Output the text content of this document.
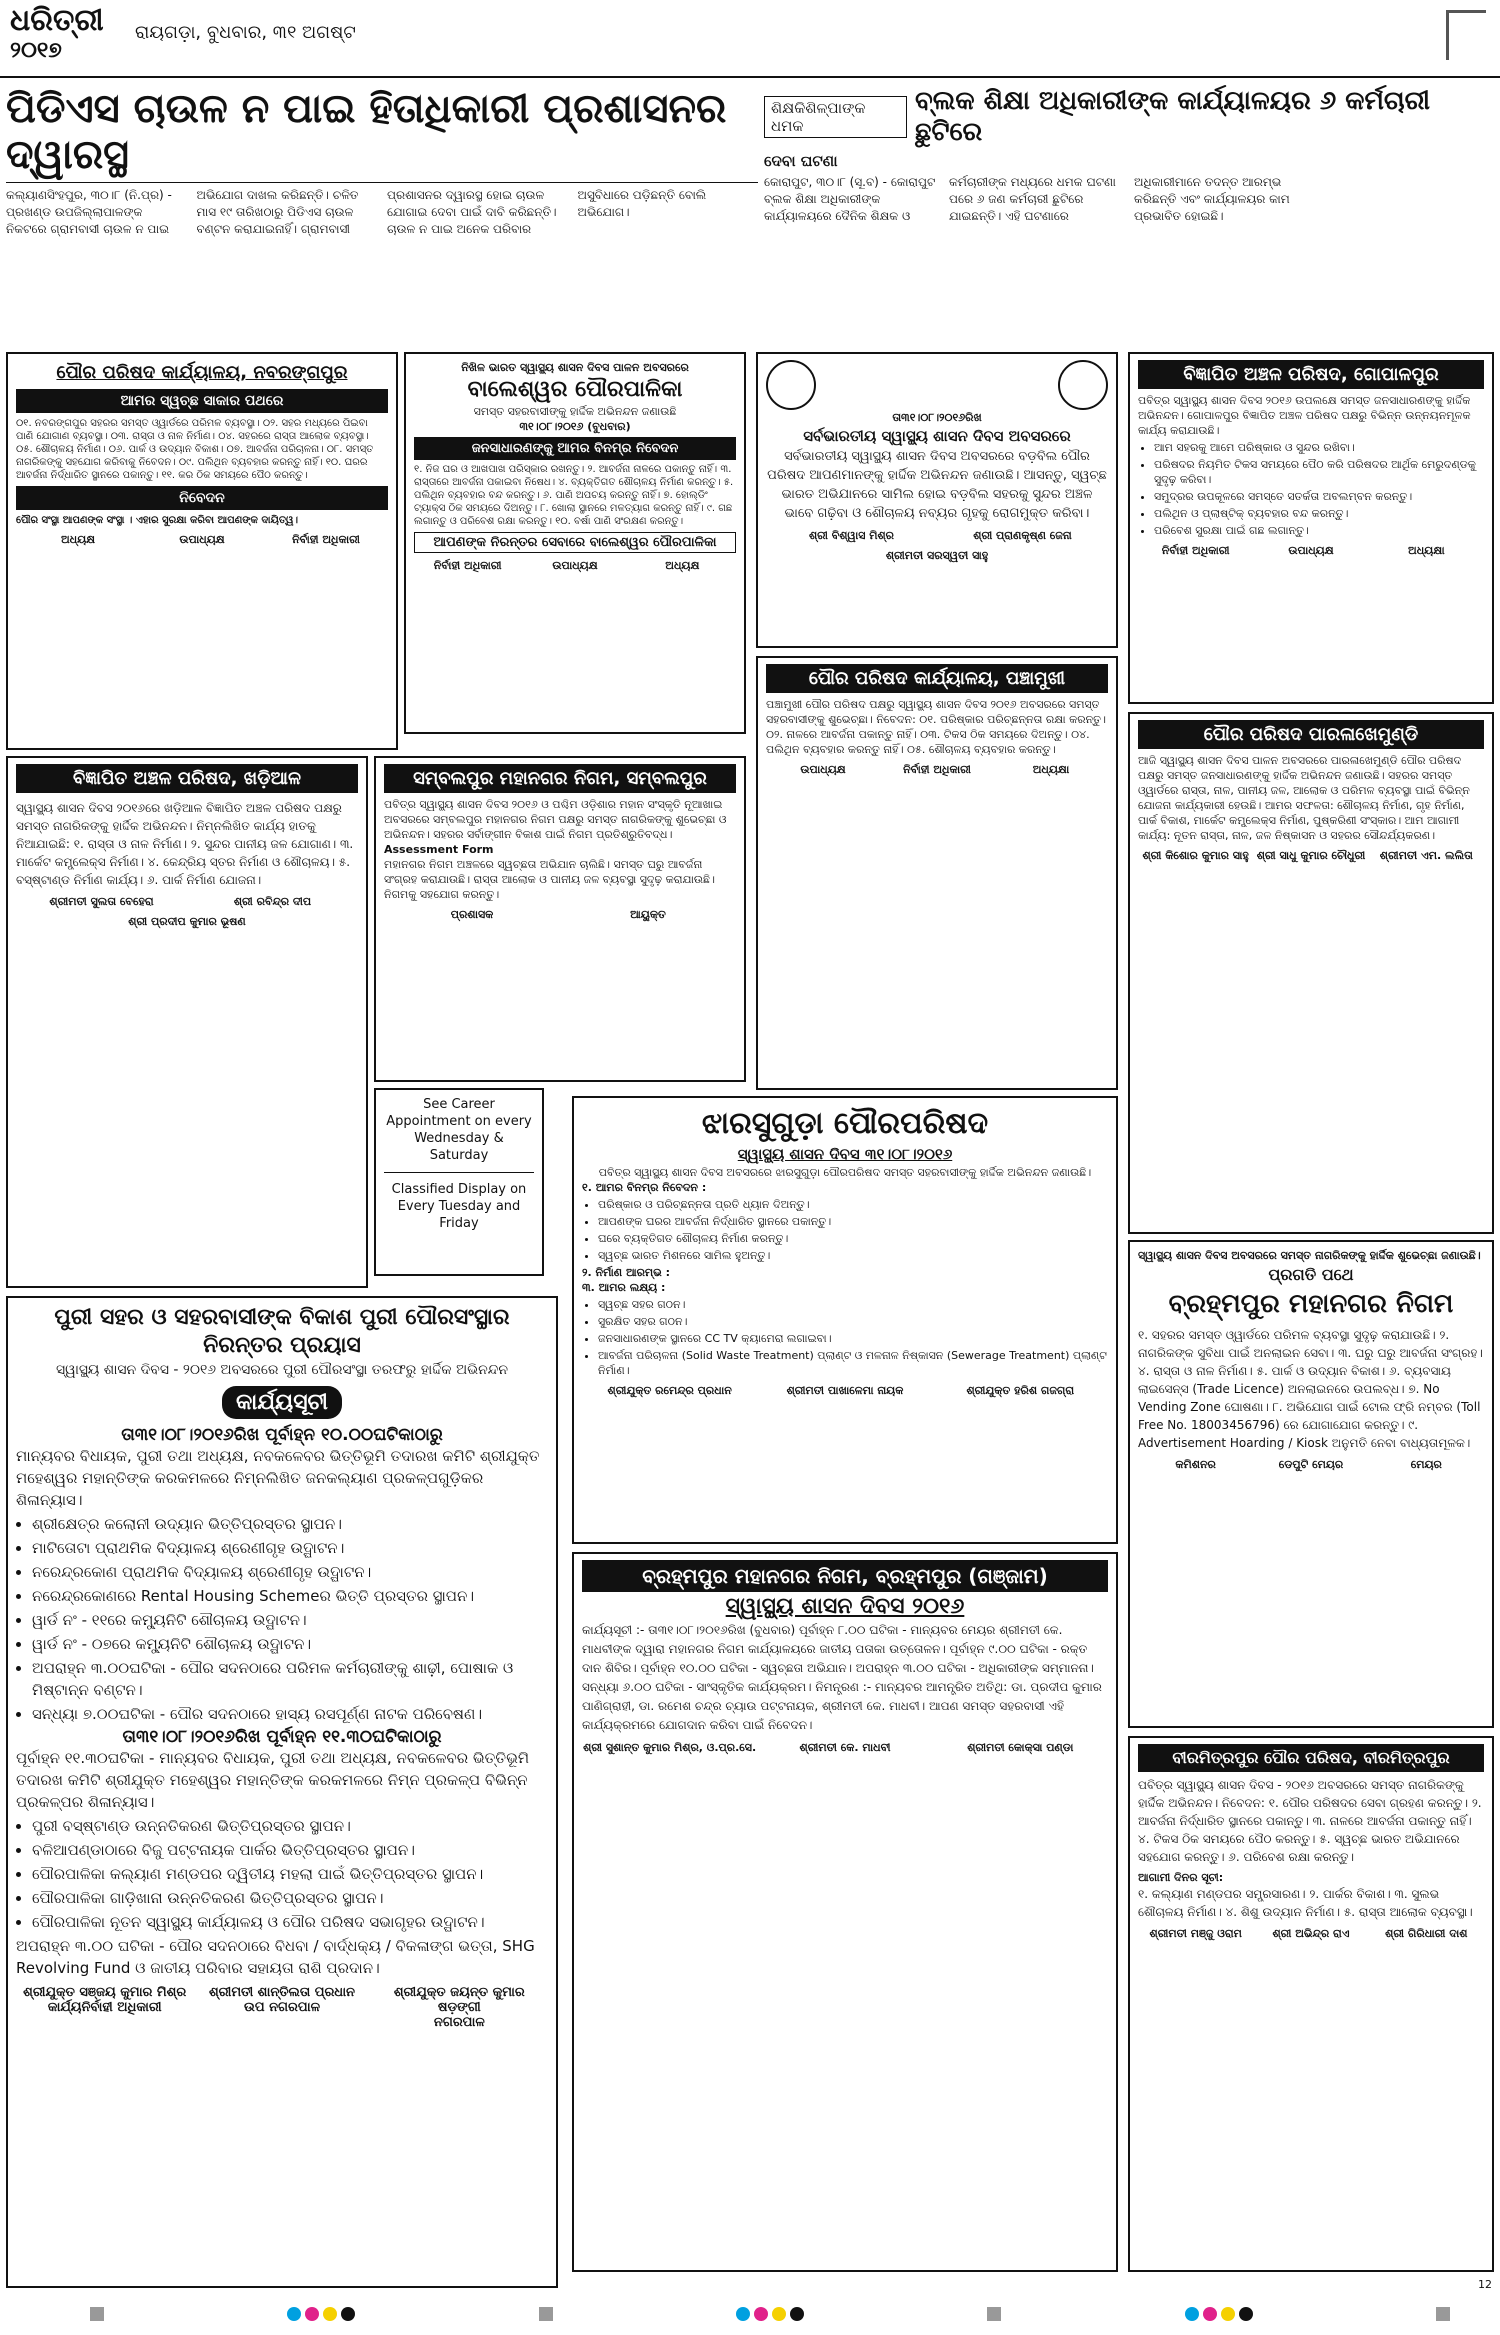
ଧରିତ୍ରୀ
୨୦୧୭
ରାୟଗଡ଼ା, ବୁଧବାର, ୩୧ ଅଗଷ୍ଟ
ପିଡିଏସ ଚାଉଳ ନ ପାଇ ହିତାଧିକାରୀ ପ୍ରଶାସନର ଦ୍ୱାରସ୍ଥ
କଲ୍ୟାଣସିଂହପୁର, ୩୦।୮ (ନି.ପ୍ର) - ପ୍ରଖଣ୍ଡ ଉପଜିଲ୍ଲାପାଳଙ୍କ ନିକଟରେ ଗ୍ରାମବାସୀ ଚାଉଳ ନ ପାଇ ଅଭିଯୋଗ ଦାଖଲ କରିଛନ୍ତି। ଚଳିତ ମାସ ୧୯ ତାରିଖଠାରୁ ପିଡିଏସ ଚାଉଳ ବଣ୍ଟନ କରାଯାଇନାହିଁ। ଗ୍ରାମବାସୀ ପ୍ରଶାସନର ଦ୍ୱାରସ୍ଥ ହୋଇ ଚାଉଳ ଯୋଗାଇ ଦେବା ପାଇଁ ଦାବି କରିଛନ୍ତି। ଚାଉଳ ନ ପାଇ ଅନେକ ପରିବାର ଅସୁବିଧାରେ ପଡ଼ିଛନ୍ତି ବୋଲି ଅଭିଯୋଗ।
ଶିକ୍ଷକିଶିଳ୍ପାଙ୍କ ଧମକ
ବ୍ଲକ ଶିକ୍ଷା ଅଧିକାରୀଙ୍କ କାର୍ଯ୍ୟାଳୟର ୬ କର୍ମଚାରୀ ଛୁଟିରେ
ଦେବା ଘଟଣା
କୋରାପୁଟ, ୩୦।୮ (ସୂ.ବ) - କୋରାପୁଟ ବ୍ଲକ ଶିକ୍ଷା ଅଧିକାରୀଙ୍କ କାର୍ଯ୍ୟାଳୟରେ ଦୈନିକ ଶିକ୍ଷକ ଓ କର୍ମଚାରୀଙ୍କ ମଧ୍ୟରେ ଧମକ ଘଟଣା ପରେ ୬ ଜଣ କର୍ମଚାରୀ ଛୁଟିରେ ଯାଇଛନ୍ତି। ଏହି ଘଟଣାରେ ଅଧିକାରୀମାନେ ତଦନ୍ତ ଆରମ୍ଭ କରିଛନ୍ତି ଏବଂ କାର୍ଯ୍ୟାଳୟର କାମ ପ୍ରଭାବିତ ହୋଇଛି।
ପୌର ପରିଷଦ କାର୍ଯ୍ୟାଳୟ, ନବରଙ୍ଗପୁର
ଆମର ସ୍ୱଚ୍ଛ ସାକାର ପଥରେ
୦୧. ନବରଙ୍ଗପୁର ସହରର ସମସ୍ତ ଓ୍ୱାର୍ଡରେ ପରିମଳ ବ୍ୟବସ୍ଥା। ୦୨. ସହର ମଧ୍ୟରେ ପିଇବା ପାଣି ଯୋଗାଣ ବ୍ୟବସ୍ଥା। ୦୩. ରାସ୍ତା ଓ ନାଳ ନିର୍ମାଣ। ୦୪. ସହରରେ ରାସ୍ତା ଆଲୋକ ବ୍ୟବସ୍ଥା। ୦୫. ଶୌଚାଳୟ ନିର୍ମାଣ। ୦୬. ପାର୍କ ଓ ଉଦ୍ୟାନ ବିକାଶ। ୦୭. ଆବର୍ଜନା ପରିଚାଳନା। ୦୮. ସମସ୍ତ ନାଗରିକଙ୍କୁ ସହଯୋଗ କରିବାକୁ ନିବେଦନ। ୦୯. ପଲିଥିନ ବ୍ୟବହାର କରନ୍ତୁ ନାହିଁ। ୧୦. ଘରର ଆବର୍ଜନା ନିର୍ଦ୍ଧାରିତ ସ୍ଥାନରେ ପକାନ୍ତୁ। ୧୧. କର ଠିକ ସମୟରେ ପୈଠ କରନ୍ତୁ।
ନିବେଦନ
ପୌର ସଂସ୍ଥା ଆପଣଙ୍କ ସଂସ୍ଥା । ଏହାର ସୁରକ୍ଷା କରିବା ଆପଣଙ୍କ ଦାୟିତ୍ୱ।
ଅଧ୍ୟକ୍ଷ	ଉପାଧ୍ୟକ୍ଷ	ନିର୍ବାହୀ ଅଧିକାରୀ
ନିଖିଳ ଭାରତ ସ୍ୱାସ୍ଥ୍ୟ ଶାସନ ଦିବସ ପାଳନ ଅବସରରେ
ବାଲେଶ୍ୱର ପୌରପାଳିକା
ସମସ୍ତ ସହରବାସୀଙ୍କୁ ହାର୍ଦ୍ଦିକ ଅଭିନନ୍ଦନ ଜଣାଉଛି
୩୧।୦୮।୨୦୧୬ (ବୁଧବାର)
ଜନସାଧାରଣଙ୍କୁ ଆମର ବିନମ୍ର ନିବେଦନ
୧. ନିଜ ଘର ଓ ଆଖପାଖ ପରିସ୍କାର ରଖନ୍ତୁ। ୨. ଆବର୍ଜନା ନାଳରେ ପକାନ୍ତୁ ନାହିଁ। ୩. ରାସ୍ତାରେ ଆବର୍ଜନା ପକାଇବା ନିଷେଧ। ୪. ବ୍ୟକ୍ତିଗତ ଶୌଚାଳୟ ନିର୍ମାଣ କରନ୍ତୁ। ୫. ପଲିଥିନ ବ୍ୟବହାର ବନ୍ଦ କରନ୍ତୁ। ୬. ପାଣି ଅପଚୟ କରନ୍ତୁ ନାହିଁ। ୭. ହୋଲ୍ଡିଂ ଟ୍ୟାକ୍ସ ଠିକ ସମୟରେ ଦିଅନ୍ତୁ। ୮. ଖୋଲା ସ୍ଥାନରେ ମଳତ୍ୟାଗ କରନ୍ତୁ ନାହିଁ। ୯. ଗଛ ଲଗାନ୍ତୁ ଓ ପରିବେଶ ରକ୍ଷା କରନ୍ତୁ। ୧୦. ବର୍ଷା ପାଣି ସଂରକ୍ଷଣ କରନ୍ତୁ।
ଆପଣଙ୍କ ନିରନ୍ତର ସେବାରେ ବାଲେଶ୍ୱର ପୌରପାଳିକା
ନିର୍ବାହୀ ଅଧିକାରୀ	ଉପାଧ୍ୟକ୍ଷ	ଅଧ୍ୟକ୍ଷ
ତା୩୧।୦୮।୨୦୧୬ରିଖ
ସର୍ବଭାରତୀୟ ସ୍ୱାସ୍ଥ୍ୟ ଶାସନ ଦିବସ ଅବସରରେ
ସର୍ବଭାରତୀୟ ସ୍ୱାସ୍ଥ୍ୟ ଶାସନ ଦିବସ ଅବସରରେ ବଡ଼ବିଲ ପୌର ପରିଷଦ ଆପଣମାନଙ୍କୁ ହାର୍ଦ୍ଦିକ ଅଭିନନ୍ଦନ ଜଣାଉଛି। ଆସନ୍ତୁ, ସ୍ୱଚ୍ଛ ଭାରତ ଅଭିଯାନରେ ସାମିଲ ହୋଇ ବଡ଼ବିଲ ସହରକୁ ସୁନ୍ଦର ଅଞ୍ଚଳ ଭାବେ ଗଢ଼ିବା ଓ ଶୌଚାଳୟ ନବ୍ୟର ଗୃହକୁ ରୋଗମୁକ୍ତ କରିବା।
ଶ୍ରୀ ବିଶ୍ୱାସ ମିଶ୍ର	ଶ୍ରୀ ପ୍ରାଣକୃଷ୍ଣ ଜେନା
ଶ୍ରୀମତୀ ସରସ୍ୱତୀ ସାହୁ
ବିଜ୍ଞାପିତ ଅଞ୍ଚଳ ପରିଷଦ, ଗୋପାଳପୁର
ପବିତ୍ର ସ୍ୱାସ୍ଥ୍ୟ ଶାସନ ଦିବସ ୨୦୧୬ ଉପଲକ୍ଷେ ସମସ୍ତ ଜନସାଧାରଣଙ୍କୁ ହାର୍ଦ୍ଦିକ ଅଭିନନ୍ଦନ। ଗୋପାଳପୁର ବିଜ୍ଞାପିତ ଅଞ୍ଚଳ ପରିଷଦ ପକ୍ଷରୁ ବିଭିନ୍ନ ଉନ୍ନୟନମୂଳକ କାର୍ଯ୍ୟ କରାଯାଉଛି।
• ଆମ ସହରକୁ ଆମେ ପରିଷ୍କାର ଓ ସୁନ୍ଦର ରଖିବା।
• ପରିଷଦର ନିୟମିତ ଟିକସ ସମୟରେ ପୈଠ କରି ପରିଷଦର ଆର୍ଥିକ ମେରୁଦଣ୍ଡକୁ ସୁଦୃଢ଼ କରିବା।
• ସମୁଦ୍ରର ଉପକୂଳରେ ସମସ୍ତେ ସତର୍କତା ଅବଲମ୍ବନ କରନ୍ତୁ।
• ପଲିଥିନ ଓ ପ୍ଲାଷ୍ଟିକ୍ ବ୍ୟବହାର ବନ୍ଦ କରନ୍ତୁ।
• ପରିବେଶ ସୁରକ୍ଷା ପାଇଁ ଗଛ ଲଗାନ୍ତୁ।
ନିର୍ବାହୀ ଅଧିକାରୀ	ଉପାଧ୍ୟକ୍ଷ	ଅଧ୍ୟକ୍ଷା
ପୌର ପରିଷଦ କାର୍ଯ୍ୟାଳୟ, ପଞ୍ଚାମୁଖୀ
ପଞ୍ଚାମୁଖୀ ପୌର ପରିଷଦ ପକ୍ଷରୁ ସ୍ୱାସ୍ଥ୍ୟ ଶାସନ ଦିବସ ୨୦୧୬ ଅବସରରେ ସମସ୍ତ ସହରବାସୀଙ୍କୁ ଶୁଭେଚ୍ଛା। ନିବେଦନ: ୦୧. ପରିଷ୍କାର ପରିଚ୍ଛନ୍ନତା ରକ୍ଷା କରନ୍ତୁ। ୦୨. ନାଳରେ ଆବର୍ଜନା ପକାନ୍ତୁ ନାହିଁ। ୦୩. ଟିକସ ଠିକ ସମୟରେ ଦିଅନ୍ତୁ। ୦୪. ପଲିଥିନ ବ୍ୟବହାର କରନ୍ତୁ ନାହିଁ। ୦୫. ଶୌଚାଳୟ ବ୍ୟବହାର କରନ୍ତୁ।
ଉପାଧ୍ୟକ୍ଷ	ନିର୍ବାହୀ ଅଧିକାରୀ	ଅଧ୍ୟକ୍ଷା
ପୌର ପରିଷଦ ପାରଳାଖେମୁଣ୍ଡି
ଆଜି ସ୍ୱାସ୍ଥ୍ୟ ଶାସନ ଦିବସ ପାଳନ ଅବସରରେ ପାରଳାଖେମୁଣ୍ଡି ପୌର ପରିଷଦ ପକ୍ଷରୁ ସମସ୍ତ ଜନସାଧାରଣଙ୍କୁ ହାର୍ଦ୍ଦିକ ଅଭିନନ୍ଦନ ଜଣାଉଛି। ସହରର ସମସ୍ତ ଓ୍ୱାର୍ଡରେ ରାସ୍ତା, ନାଳ, ପାନୀୟ ଜଳ, ଆଲୋକ ଓ ପରିମଳ ବ୍ୟବସ୍ଥା ପାଇଁ ବିଭିନ୍ନ ଯୋଜନା କାର୍ଯ୍ୟକାରୀ ହେଉଛି। ଆମର ସଫଳତା: ଶୌଚାଳୟ ନିର୍ମାଣ, ଗୃହ ନିର୍ମାଣ, ପାର୍କ ବିକାଶ, ମାର୍କେଟ କମ୍ପ୍ଲେକ୍ସ ନିର୍ମାଣ, ପୁଷ୍କରିଣୀ ସଂସ୍କାର। ଆମ ଆଗାମୀ କାର୍ଯ୍ୟ: ନୂତନ ରାସ୍ତା, ନାଳ, ଜଳ ନିଷ୍କାସନ ଓ ସହରର ସୌନ୍ଦର୍ଯ୍ୟକରଣ।
ଶ୍ରୀ କିଶୋର କୁମାର ସାହୁ ଶ୍ରୀ ସାଧୁ କୁମାର ଚୌଧୁରୀ	ଶ୍ରୀମତୀ ଏମ. ଲଲିତା
ବିଜ୍ଞାପିତ ଅଞ୍ଚଳ ପରିଷଦ, ଖଡ଼ିଆଳ
ସ୍ୱାସ୍ଥ୍ୟ ଶାସନ ଦିବସ ୨୦୧୬ରେ ଖଡ଼ିଆଳ ବିଜ୍ଞାପିତ ଅଞ୍ଚଳ ପରିଷଦ ପକ୍ଷରୁ ସମସ୍ତ ନାଗରିକଙ୍କୁ ହାର୍ଦ୍ଦିକ ଅଭିନନ୍ଦନ। ନିମ୍ନଲିଖିତ କାର୍ଯ୍ୟ ହାତକୁ ନିଆଯାଇଛି: ୧. ରାସ୍ତା ଓ ନାଳ ନିର୍ମାଣ। ୨. ସୁନ୍ଦର ପାନୀୟ ଜଳ ଯୋଗାଣ। ୩. ମାର୍କେଟ କମ୍ପ୍ଲେକ୍ସ ନିର୍ମାଣ। ୪. କେନ୍ଦ୍ରିୟ ସ୍ତର ନିର୍ମାଣ ଓ ଶୌଚାଳୟ। ୫. ବସ୍ଷ୍ଟାଣ୍ଡ ନିର୍ମାଣ କାର୍ଯ୍ୟ। ୬. ପାର୍କ ନିର୍ମାଣ ଯୋଜନା।
ଶ୍ରୀମତୀ ସୁଲତା ବେହେରା	ଶ୍ରୀ ରବିନ୍ଦ୍ର ଦୀପ
ଶ୍ରୀ ପ୍ରଦୀପ କୁମାର ଭୂଷଣ
ସମ୍ବଲପୁର ମହାନଗର ନିଗମ, ସମ୍ବଲପୁର
ପବିତ୍ର ସ୍ୱାସ୍ଥ୍ୟ ଶାସନ ଦିବସ ୨୦୧୬ ଓ ପଶ୍ଚିମ ଓଡ଼ିଶାର ମହାନ ସଂସ୍କୃତି ନୂଆଖାଇ ଅବସରରେ ସମ୍ବଲପୁର ମହାନଗର ନିଗମ ପକ୍ଷରୁ ସମସ୍ତ ନାଗରିକଙ୍କୁ ଶୁଭେଚ୍ଛା ଓ ଅଭିନନ୍ଦନ। ସହରର ସର୍ବାଙ୍ଗୀନ ବିକାଶ ପାଇଁ ନିଗମ ପ୍ରତିଶ୍ରୁତିବଦ୍ଧ।
Assessment Form
ମହାନଗର ନିଗମ ଅଞ୍ଚଳରେ ସ୍ୱଚ୍ଛତା ଅଭିଯାନ ଚାଲିଛି। ସମସ୍ତ ଘରୁ ଆବର୍ଜନା ସଂଗ୍ରହ କରାଯାଉଛି। ରାସ୍ତା ଆଲୋକ ଓ ପାନୀୟ ଜଳ ବ୍ୟବସ୍ଥା ସୁଦୃଢ଼ କରାଯାଉଛି। ନିଗମକୁ ସହଯୋଗ କରନ୍ତୁ।
ପ୍ରଶାସକ	ଆୟୁକ୍ତ
See Career Appointment on every Wednesday & Saturday
Classified Display on Every Tuesday and Friday
ଝାରସୁଗୁଡ଼ା ପୌରପରିଷଦ
ସ୍ୱାସ୍ଥ୍ୟ ଶାସନ ଦିବସ ୩୧।୦୮।୨୦୧୬
ପବିତ୍ର ସ୍ୱାସ୍ଥ୍ୟ ଶାସନ ଦିବସ ଅବସରରେ ଝାରସୁଗୁଡ଼ା ପୌରପରିଷଦ ସମସ୍ତ ସହରବାସୀଙ୍କୁ ହାର୍ଦ୍ଦିକ ଅଭିନନ୍ଦନ ଜଣାଉଛି।
୧. ଆମର ବିନମ୍ର ନିବେଦନ :
• ପରିଷ୍କାର ଓ ପରିଚ୍ଛନ୍ନତା ପ୍ରତି ଧ୍ୟାନ ଦିଅନ୍ତୁ।
• ଆପଣଙ୍କ ଘରର ଆବର୍ଜନା ନିର୍ଦ୍ଧାରିତ ସ୍ଥାନରେ ପକାନ୍ତୁ।
• ଘରେ ବ୍ୟକ୍ତିଗତ ଶୌଚାଳୟ ନିର୍ମାଣ କରନ୍ତୁ।
• ସ୍ୱଚ୍ଛ ଭାରତ ମିଶନରେ ସାମିଲ ହୁଅନ୍ତୁ।
୨. ନିର୍ମାଣ ଆରମ୍ଭ :
୩. ଆମର ଲକ୍ଷ୍ୟ :
• ସ୍ୱଚ୍ଛ ସହର ଗଠନ।
• ସୁରକ୍ଷିତ ସହର ଗଠନ।
• ଜନସାଧାରଣଙ୍କ ସ୍ଥାନରେ CC TV କ୍ୟାମେରା ଲଗାଇବା।
• ଆବର୍ଜନା ପରିଚାଳନା (Solid Waste Treatment) ପ୍ଲାଣ୍ଟ ଓ ମଳନାଳ ନିଷ୍କାସନ (Sewerage Treatment) ପ୍ଲାଣ୍ଟ ନିର୍ମାଣ।
ଶ୍ରୀଯୁକ୍ତ ରମେନ୍ଦ୍ର ପ୍ରଧାନ	ଶ୍ରୀମତୀ ପାଖାଳେମା ନାୟକ	ଶ୍ରୀଯୁକ୍ତ ହରିଶ ଗଜଗ୍ରା
ସ୍ୱାସ୍ଥ୍ୟ ଶାସନ ଦିବସ ଅବସରରେ ସମସ୍ତ ନାଗରିକଙ୍କୁ ହାର୍ଦ୍ଦିକ ଶୁଭେଚ୍ଛା ଜଣାଉଛି।
ପ୍ରଗତି ପଥେ
ବ୍ରହ୍ମପୁର ମହାନଗର ନିଗମ
୧. ସହରର ସମସ୍ତ ଓ୍ୱାର୍ଡରେ ପରିମଳ ବ୍ୟବସ୍ଥା ସୁଦୃଢ଼ କରାଯାଉଛି। ୨. ନାଗରିକଙ୍କ ସୁବିଧା ପାଇଁ ଅନଲାଇନ ସେବା। ୩. ଘରୁ ଘରୁ ଆବର୍ଜନା ସଂଗ୍ରହ। ୪. ରାସ୍ତା ଓ ନାଳ ନିର୍ମାଣ। ୫. ପାର୍କ ଓ ଉଦ୍ୟାନ ବିକାଶ। ୬. ବ୍ୟବସାୟ ଲାଇସେନ୍ସ (Trade Licence) ଅନଲାଇନରେ ଉପଲବ୍ଧ। ୭. No Vending Zone ଘୋଷଣା। ୮. ଅଭିଯୋଗ ପାଇଁ ଟୋଲ ଫ୍ରି ନମ୍ବର (Toll Free No. 18003456796) ରେ ଯୋଗାଯୋଗ କରନ୍ତୁ। ୯. Advertisement Hoarding / Kiosk ଅନୁମତି ନେବା ବାଧ୍ୟତାମୂଳକ।
କମିଶନର	ଡେପୁଟି ମେୟର	ମେୟର
ପୁରୀ ସହର ଓ ସହରବାସୀଙ୍କ ବିକାଶ ପୁରୀ ପୌରସଂସ୍ଥାର ନିରନ୍ତର ପ୍ରୟାସ
ସ୍ୱାସ୍ଥ୍ୟ ଶାସନ ଦିବସ - ୨୦୧୬ ଅବସରରେ ପୁରୀ ପୌରସଂସ୍ଥା ତରଫରୁ ହାର୍ଦ୍ଦିକ ଅଭିନନ୍ଦନ
କାର୍ଯ୍ୟସୂଚୀ
ତା୩୧।୦୮।୨୦୧୬ରିଖ ପୂର୍ବାହ୍ନ ୧୦.୦୦ଘଟିକାଠାରୁ
ମାନ୍ୟବର ବିଧାୟକ, ପୁରୀ ତଥା ଅଧ୍ୟକ୍ଷ, ନବକଳେବର ଭିତ୍ତିଭୂମି ତଦାରଖ କମିଟି ଶ୍ରୀଯୁକ୍ତ ମହେଶ୍ୱର ମହାନ୍ତିଙ୍କ କରକମଳରେ ନିମ୍ନଲିଖିତ ଜନକଲ୍ୟାଣ ପ୍ରକଳ୍ପଗୁଡ଼ିକର ଶିଳାନ୍ୟାସ।
• ଶ୍ରୀକ୍ଷେତ୍ର କଲୋନୀ ଉଦ୍ୟାନ ଭିତ୍ତିପ୍ରସ୍ତର ସ୍ଥାପନ।
• ମାଟିତୋଟା ପ୍ରାଥମିକ ବିଦ୍ୟାଳୟ ଶ୍ରେଣୀଗୃହ ଉଦ୍ଘାଟନ।
• ନରେନ୍ଦ୍ରକୋଣ ପ୍ରାଥମିକ ବିଦ୍ୟାଳୟ ଶ୍ରେଣୀଗୃହ ଉଦ୍ଘାଟନ।
• ନରେନ୍ଦ୍ରକୋଣରେ Rental Housing Schemeର ଭିତ୍ତି ପ୍ରସ୍ତର ସ୍ଥାପନ।
• ୱାର୍ଡ ନଂ - ୧୧ରେ କମ୍ୟୁନିଟି ଶୌଚାଳୟ ଉଦ୍ଘାଟନ।
• ୱାର୍ଡ ନଂ - ୦୭ରେ କମ୍ୟୁନିଟି ଶୌଚାଳୟ ଉଦ୍ଘାଟନ।
• ଅପରାହ୍ନ ୩.୦୦ଘଟିକା - ପୌର ସଦନଠାରେ ପରିମଳ କର୍ମଚାରୀଙ୍କୁ ଶାଢ଼ୀ, ପୋଷାକ ଓ ମିଷ୍ଟାନ୍ନ ବଣ୍ଟନ।
• ସନ୍ଧ୍ୟା ୭.୦୦ଘଟିକା - ପୌର ସଦନଠାରେ ହାସ୍ୟ ରସପୂର୍ଣ୍ଣ ନାଟକ ପରିବେଷଣ।
ତା୩୧।୦୮।୨୦୧୬ରିଖ ପୂର୍ବାହ୍ନ ୧୧.୩୦ଘଟିକାଠାରୁ
ପୂର୍ବାହ୍ନ ୧୧.୩୦ଘଟିକା - ମାନ୍ୟବର ବିଧାୟକ, ପୁରୀ ତଥା ଅଧ୍ୟକ୍ଷ, ନବକଳେବର ଭିତ୍ତିଭୂମି ତଦାରଖ କମିଟି ଶ୍ରୀଯୁକ୍ତ ମହେଶ୍ୱର ମହାନ୍ତିଙ୍କ କରକମଳରେ ନିମ୍ନ ପ୍ରକଳ୍ପ ବିଭିନ୍ନ ପ୍ରକଳ୍ପର ଶିଳାନ୍ୟାସ।
• ପୁରୀ ବସ୍ଷ୍ଟାଣ୍ଡ ଉନ୍ନତିକରଣ ଭିତ୍ତିପ୍ରସ୍ତର ସ୍ଥାପନ।
• ବଳିଆପଣ୍ଡାଠାରେ ବିଜୁ ପଟ୍ଟନାୟକ ପାର୍କର ଭିତ୍ତିପ୍ରସ୍ତର ସ୍ଥାପନ।
• ପୌରପାଳିକା କଲ୍ୟାଣ ମଣ୍ଡପର ଦ୍ୱିତୀୟ ମହଲା ପାଇଁ ଭିତ୍ତିପ୍ରସ୍ତର ସ୍ଥାପନ।
• ପୌରପାଳିକା ଗାଡ଼ିଖାନା ଉନ୍ନତିକରଣ ଭିତ୍ତିପ୍ରସ୍ତର ସ୍ଥାପନ।
• ପୌରପାଳିକା ନୂତନ ସ୍ୱାସ୍ଥ୍ୟ କାର୍ଯ୍ୟାଳୟ ଓ ପୌର ପରିଷଦ ସଭାଗୃହର ଉଦ୍ଘାଟନ।
ଅପରାହ୍ନ ୩.୦୦ ଘଟିକା - ପୌର ସଦନଠାରେ ବିଧବା / ବାର୍ଦ୍ଧକ୍ୟ / ବିକଳାଙ୍ଗ ଭତ୍ତା, SHG Revolving Fund ଓ ଜାତୀୟ ପରିବାର ସହାୟତା ରାଶି ପ୍ରଦାନ।
ଶ୍ରୀଯୁକ୍ତ ସଞ୍ଜୟ କୁମାର ମିଶ୍ର
କାର୍ଯ୍ୟନିର୍ବାହୀ ଅଧିକାରୀ
ଶ୍ରୀମତୀ ଶାନ୍ତିଲତା ପ୍ରଧାନ
ଉପ ନଗରପାଳ
ଶ୍ରୀଯୁକ୍ତ ଜୟନ୍ତ କୁମାର ଷଡ଼ଙ୍ଗୀ
ନଗରପାଳ
ବ୍ରହ୍ମପୁର ମହାନଗର ନିଗମ, ବ୍ରହ୍ମପୁର (ଗଞ୍ଜାମ)
ସ୍ୱାସ୍ଥ୍ୟ ଶାସନ ଦିବସ ୨୦୧୬
କାର୍ଯ୍ୟସୂଚୀ :- ତା୩୧।୦୮।୨୦୧୬ରିଖ (ବୁଧବାର) ପୂର୍ବାହ୍ନ ୮.୦୦ ଘଟିକା - ମାନ୍ୟବର ମେୟର ଶ୍ରୀମତୀ କେ. ମାଧବୀଙ୍କ ଦ୍ୱାରା ମହାନଗର ନିଗମ କାର୍ଯ୍ୟାଳୟରେ ଜାତୀୟ ପତାକା ଉତ୍ତୋଳନ। ପୂର୍ବାହ୍ନ ୯.୦୦ ଘଟିକା - ରକ୍ତ ଦାନ ଶିବିର। ପୂର୍ବାହ୍ନ ୧୦.୦୦ ଘଟିକା - ସ୍ୱଚ୍ଛତା ଅଭିଯାନ। ଅପରାହ୍ନ ୩.୦୦ ଘଟିକା - ଅଧିକାରୀଙ୍କ ସମ୍ମାନନା। ସନ୍ଧ୍ୟା ୬.୦୦ ଘଟିକା - ସାଂସ୍କୃତିକ କାର୍ଯ୍ୟକ୍ରମ। ନିମନ୍ତ୍ରଣ :- ମାନ୍ୟବର ଆମନ୍ତ୍ରିତ ଅତିଥି: ଡା. ପ୍ରଦୀପ କୁମାର ପାଣିଗ୍ରାହୀ, ଡା. ରମେଶ ଚନ୍ଦ୍ର ଚ୍ୟାଉ ପଟ୍ଟନାୟକ, ଶ୍ରୀମତୀ କେ. ମାଧବୀ। ଆପଣ ସମସ୍ତ ସହରବାସୀ ଏହି କାର୍ଯ୍ୟକ୍ରମରେ ଯୋଗଦାନ କରିବା ପାଇଁ ନିବେଦନ।
ଶ୍ରୀ ସୁଶାନ୍ତ କୁମାର ମିଶ୍ର, ଓ.ପ୍ର.ସେ.	ଶ୍ରୀମତୀ କେ. ମାଧବୀ	ଶ୍ରୀମତୀ କୋକ୍ସା ପଣ୍ଡା
ବୀରମିତ୍ରପୁର ପୌର ପରିଷଦ, ବୀରମିତ୍ରପୁର
ପବିତ୍ର ସ୍ୱାସ୍ଥ୍ୟ ଶାସନ ଦିବସ - ୨୦୧୬ ଅବସରରେ ସମସ୍ତ ନାଗରିକଙ୍କୁ ହାର୍ଦ୍ଦିକ ଅଭିନନ୍ଦନ। ନିବେଦନ: ୧. ପୌର ପରିଷଦର ସେବା ଗ୍ରହଣ କରନ୍ତୁ। ୨. ଆବର୍ଜନା ନିର୍ଦ୍ଧାରିତ ସ୍ଥାନରେ ପକାନ୍ତୁ। ୩. ନାଳରେ ଆବର୍ଜନା ପକାନ୍ତୁ ନାହିଁ। ୪. ଟିକସ ଠିକ ସମୟରେ ପୈଠ କରନ୍ତୁ। ୫. ସ୍ୱଚ୍ଛ ଭାରତ ଅଭିଯାନରେ ସହଯୋଗ କରନ୍ତୁ। ୬. ପରିବେଶ ରକ୍ଷା କରନ୍ତୁ।
ଆଗାମୀ ଦିନର ସୂଚୀ:
୧. କଲ୍ୟାଣ ମଣ୍ଡପର ସମ୍ପ୍ରସାରଣ। ୨. ପାର୍କର ବିକାଶ। ୩. ସୁଲଭ ଶୌଚାଳୟ ନିର୍ମାଣ। ୪. ଶିଶୁ ଉଦ୍ୟାନ ନିର୍ମାଣ। ୫. ରାସ୍ତା ଆଲୋକ ବ୍ୟବସ୍ଥା।
ଶ୍ରୀମତୀ ମଞ୍ଜୁ ଓରାମ	ଶ୍ରୀ ଅଭିନ୍ଦ୍ର ରାଏ	ଶ୍ରୀ ଗିରିଧାରୀ ଦାଶ
12
